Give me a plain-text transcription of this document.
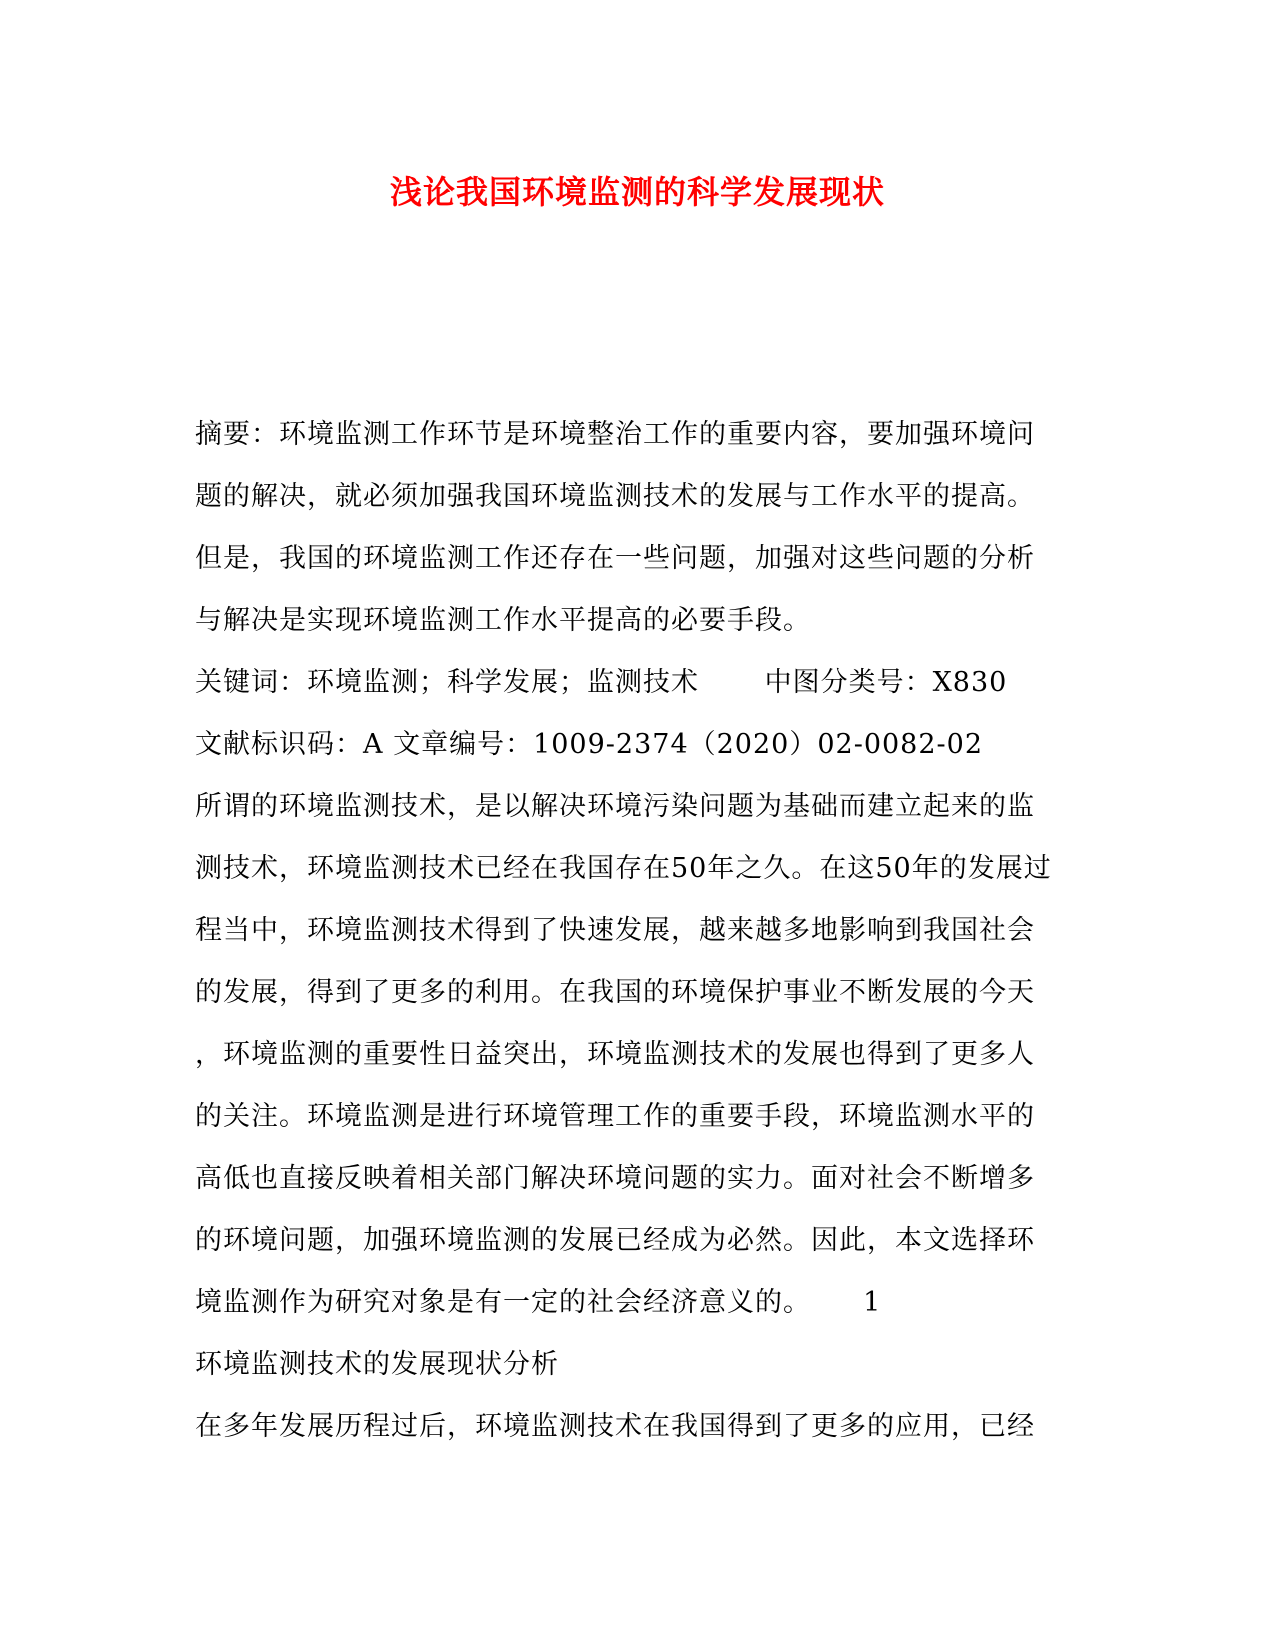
浅论我国环境监测的科学发展现状
摘要：环境监测工作环节是环境整治工作的重要内容，要加强环境问
题的解决，就必须加强我国环境监测技术的发展与工作水平的提高。
但是，我国的环境监测工作还存在一些问题，加强对这些问题的分析
与解决是实现环境监测工作水平提高的必要手段。
关键词：环境监测；科学发展；监测技术　　 中图分类号：X830
文献标识码：A 文章编号：1009-2374（2020）02-0082-02
所谓的环境监测技术，是以解决环境污染问题为基础而建立起来的监
测技术，环境监测技术已经在我国存在50年之久。在这50年的发展过
程当中，环境监测技术得到了快速发展，越来越多地影响到我国社会
的发展，得到了更多的利用。在我国的环境保护事业不断发展的今天
，环境监测的重要性日益突出，环境监测技术的发展也得到了更多人
的关注。环境监测是进行环境管理工作的重要手段，环境监测水平的
高低也直接反映着相关部门解决环境问题的实力。面对社会不断增多
的环境问题，加强环境监测的发展已经成为必然。因此，本文选择环
境监测作为研究对象是有一定的社会经济意义的。　　 1
环境监测技术的发展现状分析
在多年发展历程过后，环境监测技术在我国得到了更多的应用，已经
